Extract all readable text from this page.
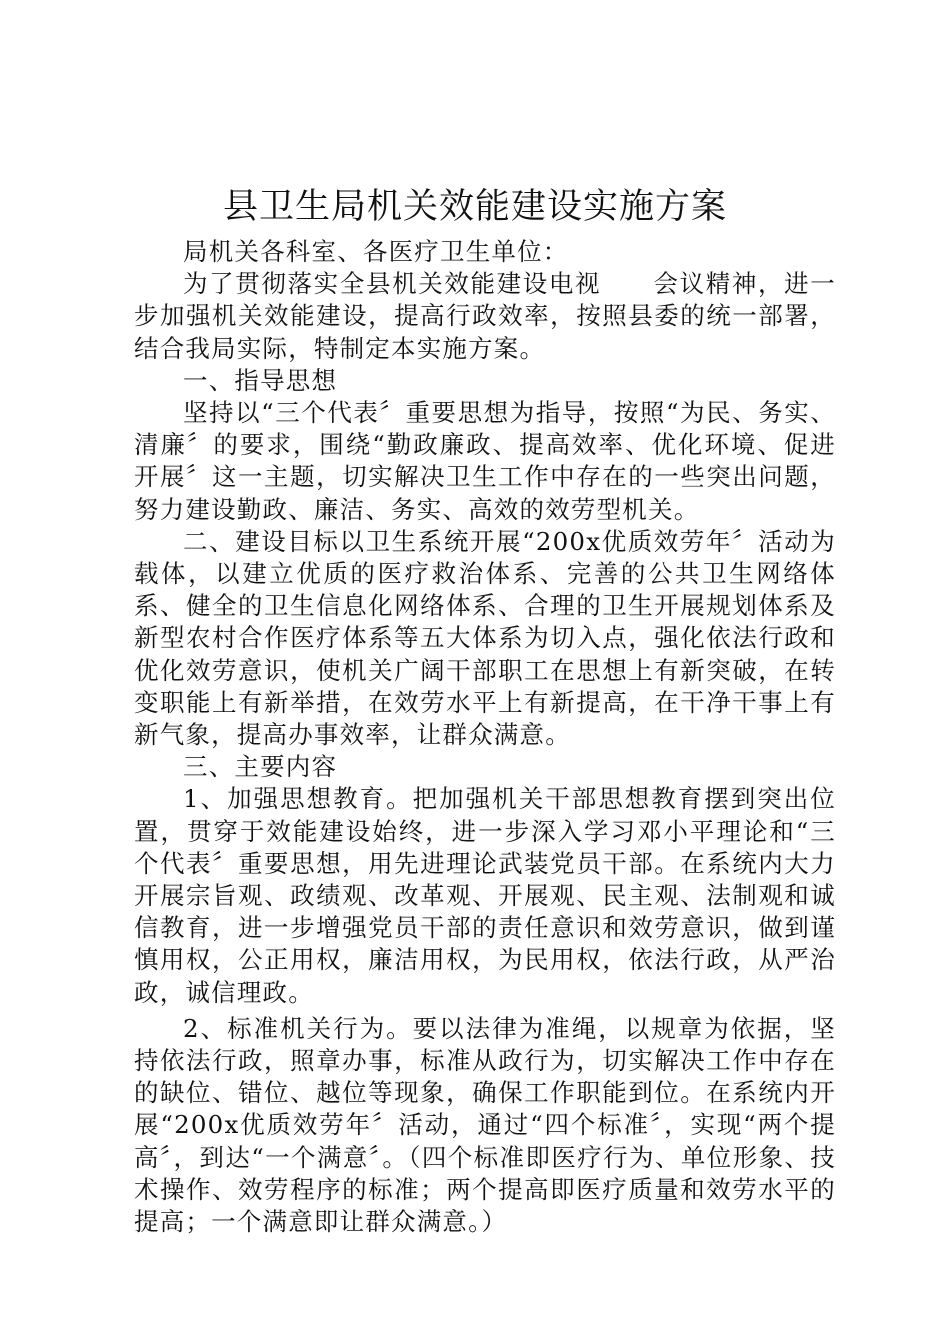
县卫生局机关效能建设实施方案

局机关各科室、各医疗卫生单位：

为了贯彻落实全县机关效能建设电视　　会议精神，进一步加强机关效能建设，提高行政效率，按照县委的统一部署，结合我局实际，特制定本实施方案。

一、指导思想

坚持以“三个代表〞重要思想为指导，按照“为民、务实、清廉〞的要求，围绕“勤政廉政、提高效率、优化环境、促进开展〞这一主题，切实解决卫生工作中存在的一些突出问题，努力建设勤政、廉洁、务实、高效的效劳型机关。

二、建设目标以卫生系统开展“200x优质效劳年〞活动为载体，以建立优质的医疗救治体系、完善的公共卫生网络体系、健全的卫生信息化网络体系、合理的卫生开展规划体系及新型农村合作医疗体系等五大体系为切入点，强化依法行政和优化效劳意识，使机关广阔干部职工在思想上有新突破，在转变职能上有新举措，在效劳水平上有新提高，在干净干事上有新气象，提高办事效率，让群众满意。

三、主要内容

1、加强思想教育。把加强机关干部思想教育摆到突出位置，贯穿于效能建设始终，进一步深入学习邓小平理论和“三个代表〞重要思想，用先进理论武装党员干部。在系统内大力开展宗旨观、政绩观、改革观、开展观、民主观、法制观和诚信教育，进一步增强党员干部的责任意识和效劳意识，做到谨慎用权，公正用权，廉洁用权，为民用权，依法行政，从严治政，诚信理政。

2、标准机关行为。要以法律为准绳，以规章为依据，坚持依法行政，照章办事，标准从政行为，切实解决工作中存在的缺位、错位、越位等现象，确保工作职能到位。在系统内开展“200x优质效劳年〞活动，通过“四个标准〞，实现“两个提高〞，到达“一个满意〞。（四个标准即医疗行为、单位形象、技术操作、效劳程序的标准；两个提高即医疗质量和效劳水平的提高；一个满意即让群众满意。）
